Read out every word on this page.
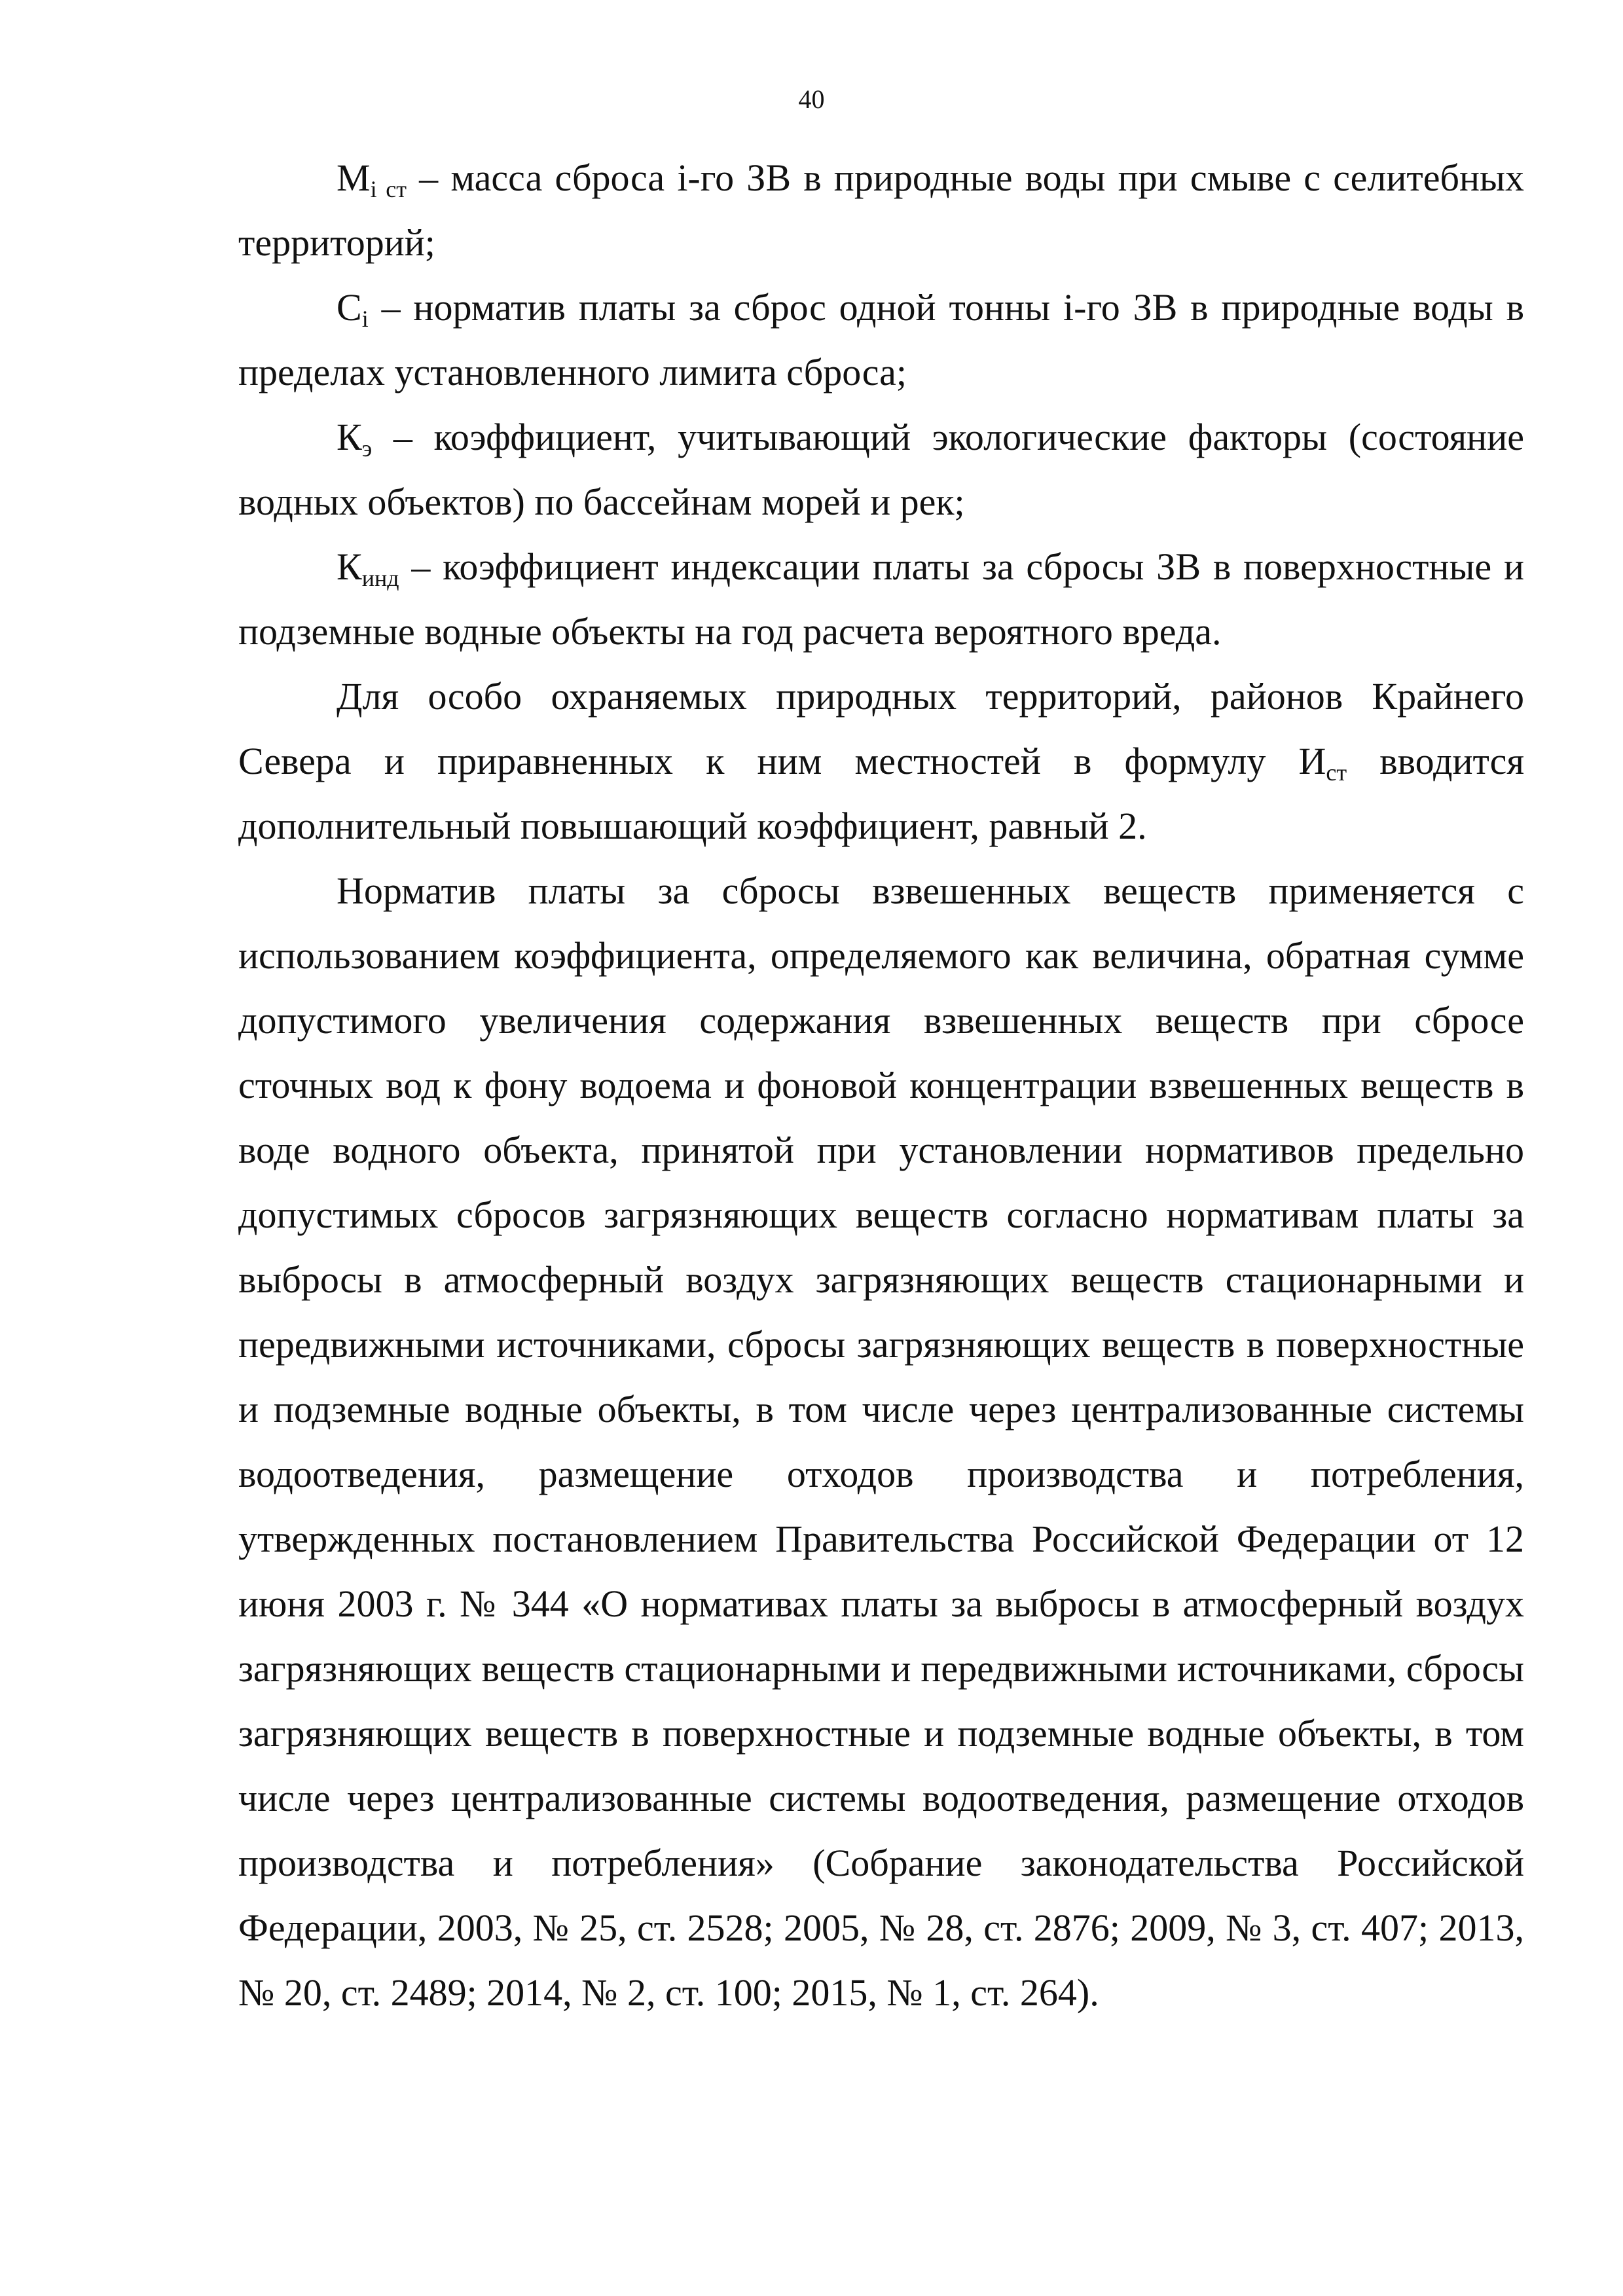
40

$M_{i ст}$ – масса сброса i-го ЗВ в природные воды при смыве с селитебных территорий;

$C_i$ – норматив платы за сброс одной тонны i-го ЗВ в природные воды в пределах установленного лимита сброса;

$К_э$ – коэффициент, учитывающий экологические факторы (состояние водных объектов) по бассейнам морей и рек;

$К_{инд}$ – коэффициент индексации платы за сбросы ЗВ в поверхностные и подземные водные объекты на год расчета вероятного вреда.

Для особо охраняемых природных территорий, районов Крайнего Севера и приравненных к ним местностей в формулу $И_{ст}$ вводится дополнительный повышающий коэффициент, равный 2.

Норматив платы за сбросы взвешенных веществ применяется с использованием коэффициента, определяемого как величина, обратная сумме допустимого увеличения содержания взвешенных веществ при сбросе сточных вод к фону водоема и фоновой концентрации взвешенных веществ в воде водного объекта, принятой при установлении нормативов предельно допустимых сбросов загрязняющих веществ согласно нормативам платы за выбросы в атмосферный воздух загрязняющих веществ стационарными и передвижными источниками, сбросы загрязняющих веществ в поверхностные и подземные водные объекты, в том числе через централизованные системы водоотведения, размещение отходов производства и потребления, утвержденных постановлением Правительства Российской Федерации от 12 июня 2003 г. № 344 «О нормативах платы за выбросы в атмосферный воздух загрязняющих веществ стационарными и передвижными источниками, сбросы загрязняющих веществ в поверхностные и подземные водные объекты, в том числе через централизованные системы водоотведения, размещение отходов производства и потребления» (Собрание законодательства Российской Федерации, 2003, № 25, ст. 2528; 2005, № 28, ст. 2876; 2009, № 3, ст. 407; 2013, № 20, ст. 2489; 2014, № 2, ст. 100; 2015, № 1, ст. 264).
